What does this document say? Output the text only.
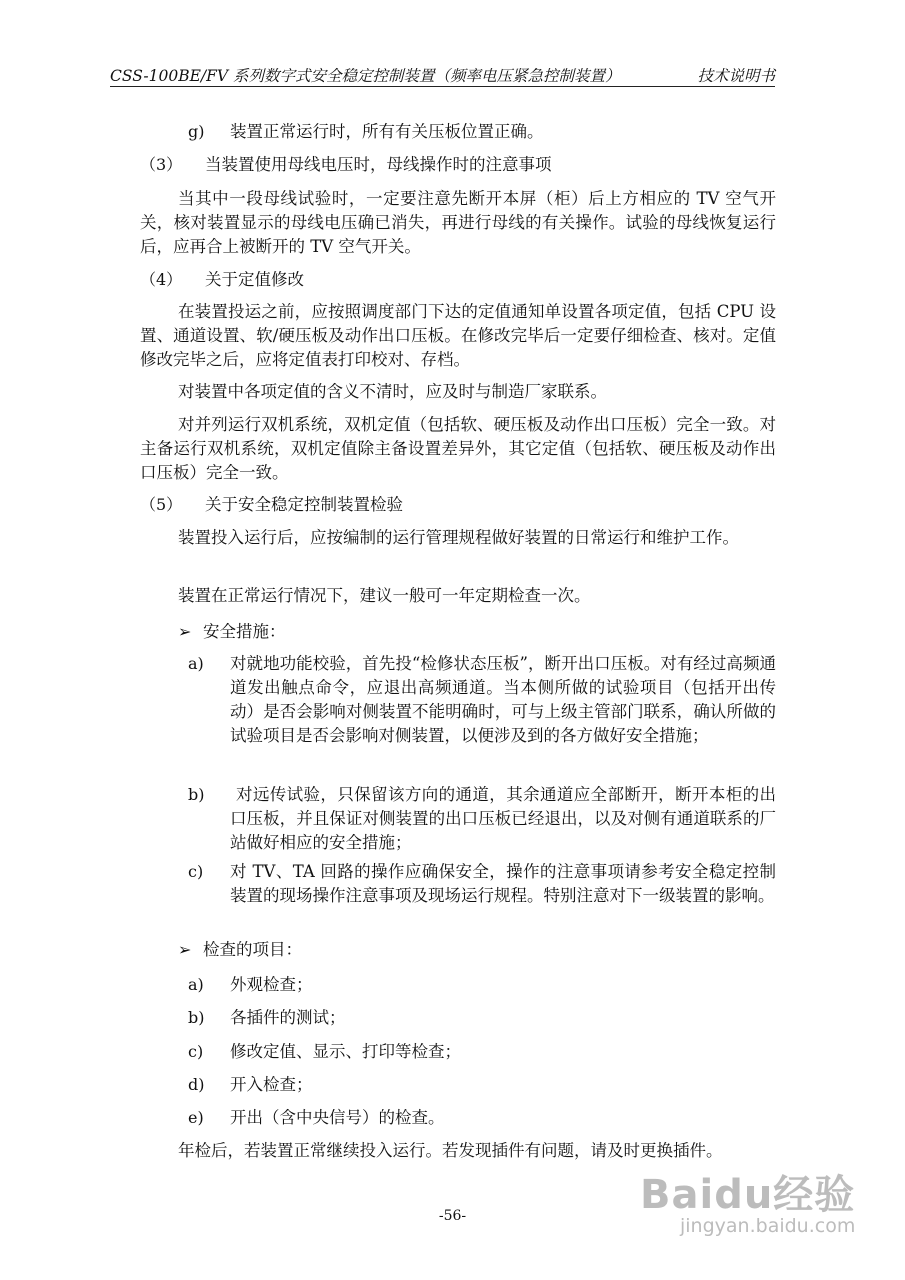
CSS-100BE/FV 系列数字式安全稳定控制装置（频率电压紧急控制装置）	技术说明书
g) 装置正常运行时，所有有关压板位置正确。
（3） 当装置使用母线电压时，母线操作时的注意事项
当其中一段母线试验时，一定要注意先断开本屏（柜）后上方相应的 TV 空气开关，核对装置显示的母线电压确已消失，再进行母线的有关操作。试验的母线恢复运行后，应再合上被断开的 TV 空气开关。
（4） 关于定值修改
在装置投运之前，应按照调度部门下达的定值通知单设置各项定值，包括 CPU 设置、通道设置、软/硬压板及动作出口压板。在修改完毕后一定要仔细检查、核对。定值修改完毕之后，应将定值表打印校对、存档。
对装置中各项定值的含义不清时，应及时与制造厂家联系。
对并列运行双机系统，双机定值（包括软、硬压板及动作出口压板）完全一致。对主备运行双机系统，双机定值除主备设置差异外，其它定值（包括软、硬压板及动作出口压板）完全一致。
（5） 关于安全稳定控制装置检验
装置投入运行后，应按编制的运行管理规程做好装置的日常运行和维护工作。
装置在正常运行情况下，建议一般可一年定期检查一次。
➢ 安全措施：
a) 对就地功能校验，首先投“检修状态压板”，断开出口压板。对有经过高频通道发出触点命令，应退出高频通道。当本侧所做的试验项目（包括开出传动）是否会影响对侧装置不能明确时，可与上级主管部门联系，确认所做的试验项目是否会影响对侧装置，以便涉及到的各方做好安全措施；
b)	对远传试验，只保留该方向的通道，其余通道应全部断开，断开本柜的出口压板，并且保证对侧装置的出口压板已经退出，以及对侧有通道联系的厂站做好相应的安全措施；
c) 对 TV、TA 回路的操作应确保安全，操作的注意事项请参考安全稳定控制装置的现场操作注意事项及现场运行规程。特别注意对下一级装置的影响。
➢ 检查的项目：
a) 外观检查；
b) 各插件的测试；
c) 修改定值、显示、打印等检查；
d) 开入检查；
e) 开出（含中央信号）的检查。
年检后，若装置正常继续投入运行。若发现插件有问题，请及时更换插件。
-56-	Baidu经验
jingyan.baidu.com
